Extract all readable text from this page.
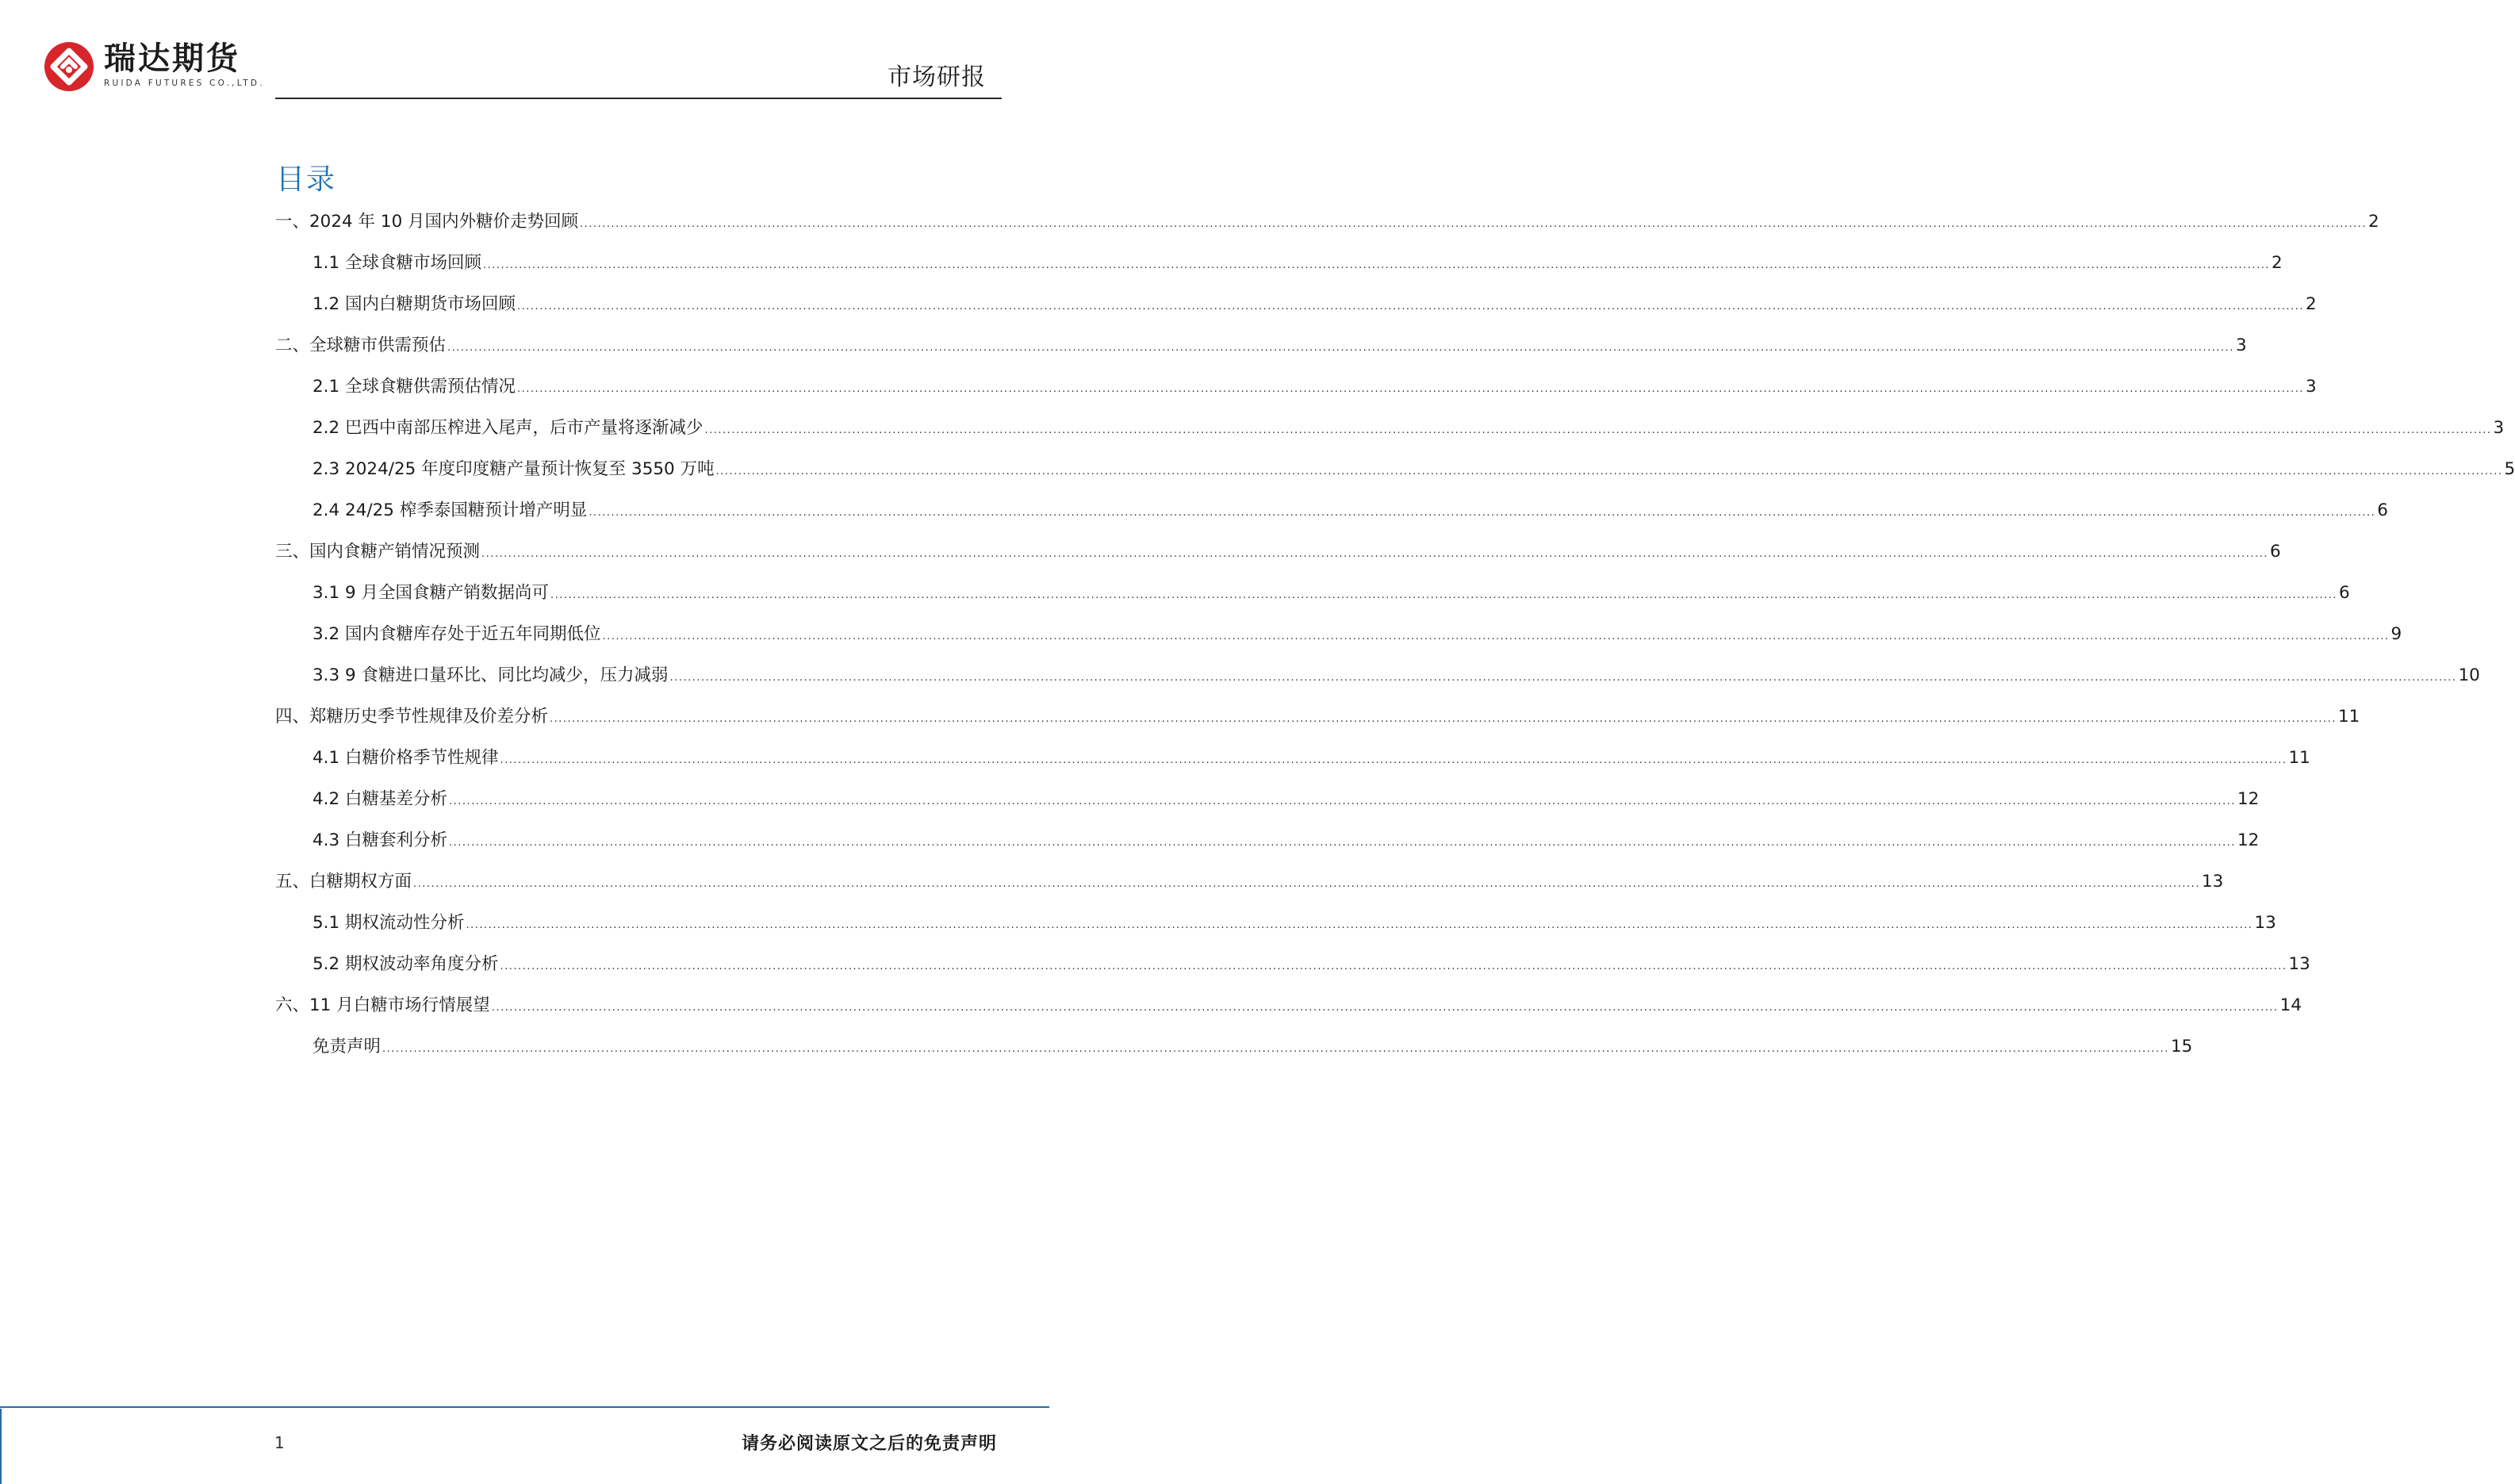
瑞达期货
RUIDA FUTURES CO.,LTD.	市场研报
目录
一、2024 年 10 月国内外糖价走势回顾 ................................................................................................................................................................................................................................................................................................................................................................................................................ 2
1.1 全球食糖市场回顾 ................................................................................................................................................................................................................................................................................................................................................................................................................ 2
1.2 国内白糖期货市场回顾 ................................................................................................................................................................................................................................................................................................................................................................................................................ 2
二、全球糖市供需预估 ................................................................................................................................................................................................................................................................................................................................................................................................................ 3
2.1 全球食糖供需预估情况 ................................................................................................................................................................................................................................................................................................................................................................................................................ 3
2.2 巴西中南部压榨进入尾声，后市产量将逐渐减少 ................................................................................................................................................................................................................................................................................................................................................................................................................ 3
2.3 2024/25 年度印度糖产量预计恢复至 3550 万吨 ................................................................................................................................................................................................................................................................................................................................................................................................................ 5
2.4 24/25 榨季泰国糖预计增产明显 ................................................................................................................................................................................................................................................................................................................................................................................................................ 6
三、国内食糖产销情况预测 ................................................................................................................................................................................................................................................................................................................................................................................................................ 6
3.1 9 月全国食糖产销数据尚可 ................................................................................................................................................................................................................................................................................................................................................................................................................ 6
3.2 国内食糖库存处于近五年同期低位 ................................................................................................................................................................................................................................................................................................................................................................................................................ 9
3.3 9 食糖进口量环比、同比均减少，压力减弱 ................................................................................................................................................................................................................................................................................................................................................................................................................ 10
四、郑糖历史季节性规律及价差分析 ................................................................................................................................................................................................................................................................................................................................................................................................................ 11
4.1 白糖价格季节性规律 ................................................................................................................................................................................................................................................................................................................................................................................................................ 11
4.2 白糖基差分析 ................................................................................................................................................................................................................................................................................................................................................................................................................ 12
4.3 白糖套利分析 ................................................................................................................................................................................................................................................................................................................................................................................................................ 12
五、白糖期权方面 ................................................................................................................................................................................................................................................................................................................................................................................................................ 13
5.1 期权流动性分析 ................................................................................................................................................................................................................................................................................................................................................................................................................ 13
5.2 期权波动率角度分析 ................................................................................................................................................................................................................................................................................................................................................................................................................ 13
六、11 月白糖市场行情展望 ................................................................................................................................................................................................................................................................................................................................................................................................................ 14
免责声明 ................................................................................................................................................................................................................................................................................................................................................................................................................ 15
1	请务必阅读原文之后的免责声明
